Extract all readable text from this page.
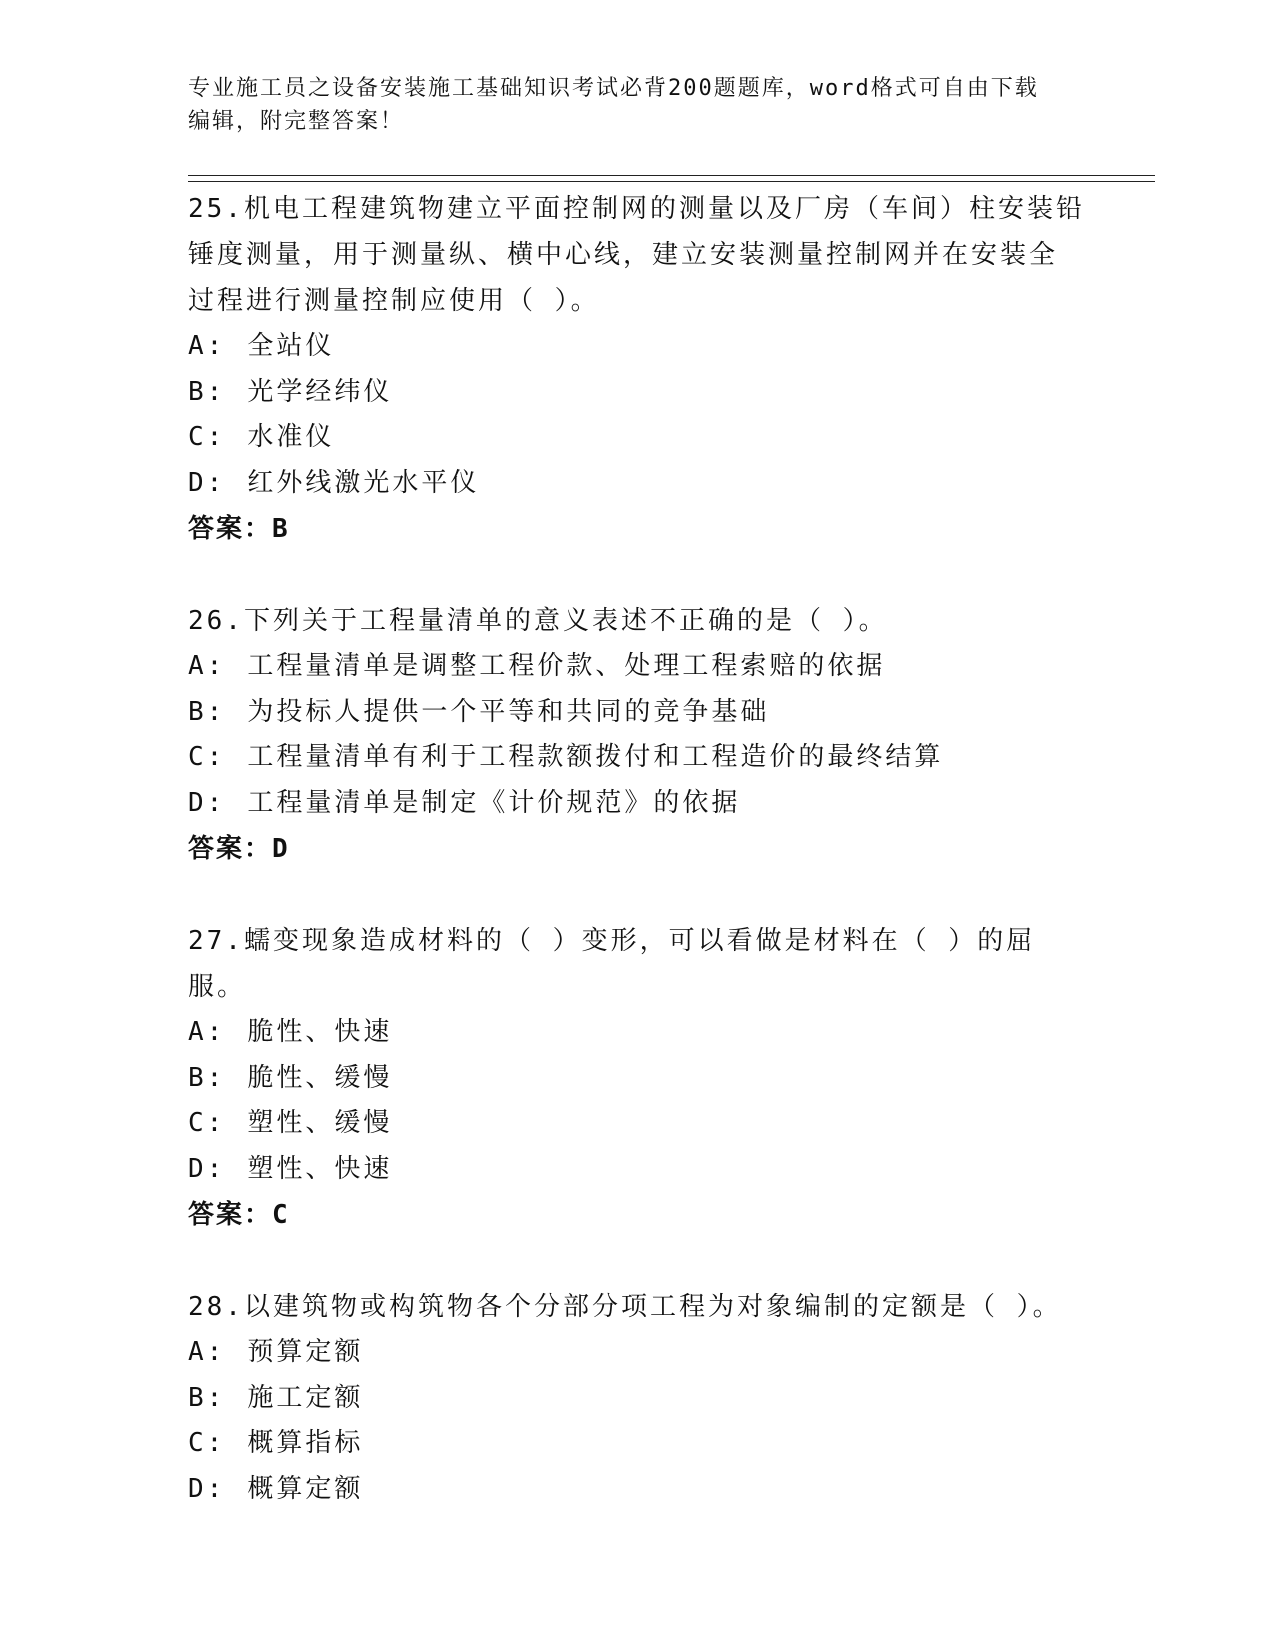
专业施工员之设备安装施工基础知识考试必背200题题库，word格式可自由下载
编辑，附完整答案！

25.机电工程建筑物建立平面控制网的测量以及厂房（车间）柱安装铅

锤度测量，用于测量纵、横中心线，建立安装测量控制网并在安装全

过程进行测量控制应使用（ ）。

A: 全站仪

B: 光学经纬仪

C: 水准仪

D: 红外线激光水平仪

答案：B

26.下列关于工程量清单的意义表述不正确的是（ ）。

A: 工程量清单是调整工程价款、处理工程索赔的依据

B: 为投标人提供一个平等和共同的竞争基础

C: 工程量清单有利于工程款额拨付和工程造价的最终结算

D: 工程量清单是制定《计价规范》的依据

答案：D

27.蠕变现象造成材料的（ ）变形，可以看做是材料在（ ）的屈服。

A: 脆性、快速

B: 脆性、缓慢

C: 塑性、缓慢

D: 塑性、快速

答案：C

28.以建筑物或构筑物各个分部分项工程为对象编制的定额是（ ）。

A: 预算定额

B: 施工定额

C: 概算指标

D: 概算定额
